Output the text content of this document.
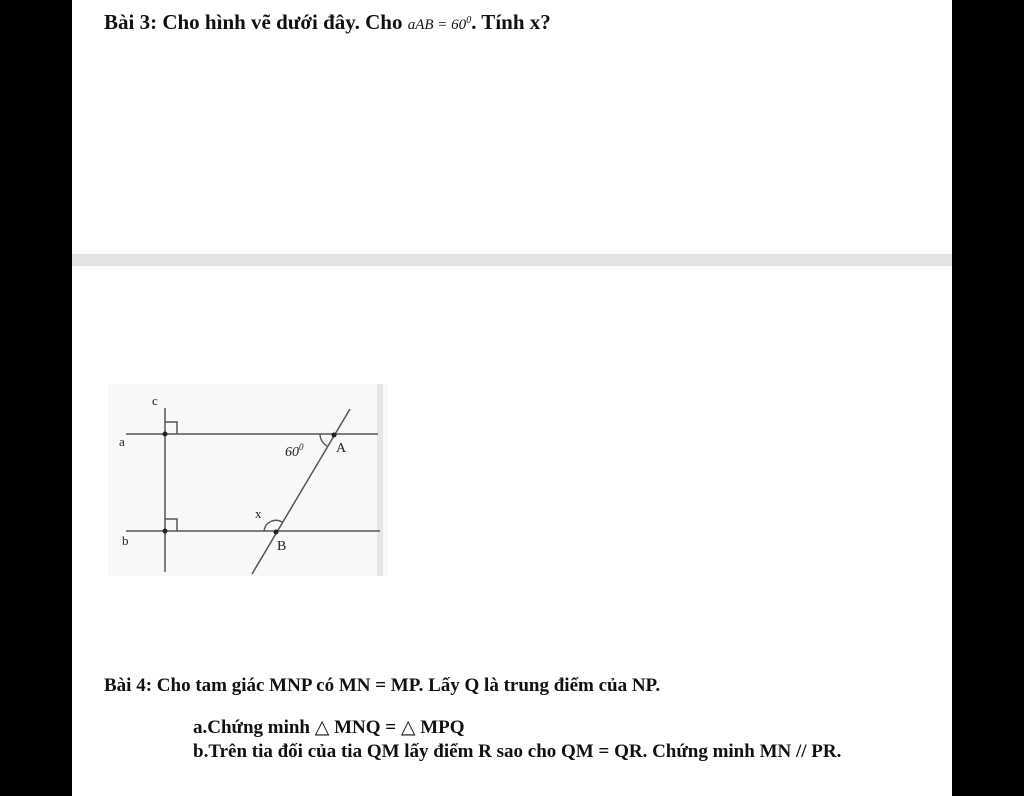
Bài 3: Cho hình vẽ dưới đây. Cho aAB = $60^0$. Tính x?

c
a
b
A
B
x
$60^0$

Bài 4: Cho tam giác MNP có MN = MP. Lấy Q là trung điểm của NP.

a.Chứng minh △ MNQ = △ MPQ

b.Trên tia đối của tia QM lấy điểm R sao cho QM = QR. Chứng minh MN // PR.
